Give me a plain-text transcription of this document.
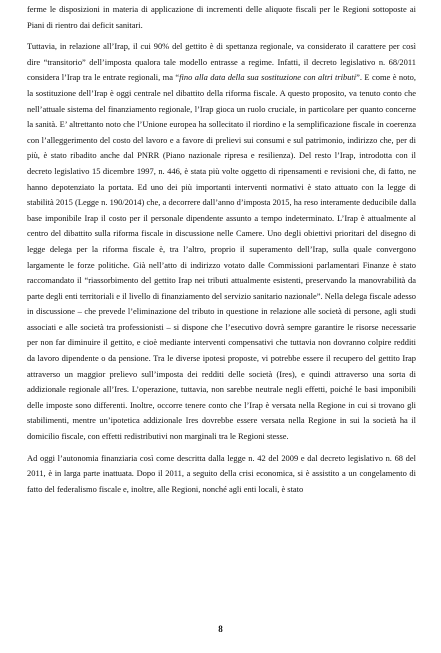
ferme le disposizioni in materia di applicazione di incrementi delle aliquote fiscali per le Regioni sottoposte ai Piani di rientro dai deficit sanitari.

Tuttavia, in relazione all’Irap, il cui 90% del gettito è di spettanza regionale, va considerato il carattere per così dire “transitorio” dell’imposta qualora tale modello entrasse a regime. Infatti, il decreto legislativo n. 68/2011 considera l’Irap tra le entrate regionali, ma “fino alla data della sua sostituzione con altri tributi”. E come è noto, la sostituzione dell’Irap è oggi centrale nel dibattito della riforma fiscale. A questo proposito, va tenuto conto che nell’attuale sistema del finanziamento regionale, l’Irap gioca un ruolo cruciale, in particolare per quanto concerne la sanità. E’ altrettanto noto che l’Unione europea ha sollecitato il riordino e la semplificazione fiscale in coerenza con l’alleggerimento del costo del lavoro e a favore di prelievi sui consumi e sul patrimonio, indirizzo che, per di più, è stato ribadito anche dal PNRR (Piano nazionale ripresa e resilienza). Del resto l’Irap, introdotta con il decreto legislativo 15 dicembre 1997, n. 446, è stata più volte oggetto di ripensamenti e revisioni che, di fatto, ne hanno depotenziato la portata. Ed uno dei più importanti interventi normativi è stato attuato con la legge di stabilità 2015 (Legge n. 190/2014) che, a decorrere dall’anno d’imposta 2015, ha reso interamente deducibile dalla base imponibile Irap il costo per il personale dipendente assunto a tempo indeterminato. L’Irap è attualmente al centro del dibattito sulla riforma fiscale in discussione nelle Camere. Uno degli obiettivi prioritari del disegno di legge delega per la riforma fiscale è, tra l’altro, proprio il superamento dell’Irap, sulla quale convergono largamente le forze politiche. Già nell’atto di indirizzo votato dalle Commissioni parlamentari Finanze è stato raccomandato il “riassorbimento del gettito Irap nei tributi attualmente esistenti, preservando la manovrabilità da parte degli enti territoriali e il livello di finanziamento del servizio sanitario nazionale”. Nella delega fiscale adesso in discussione – che prevede l’eliminazione del tributo in questione in relazione alle società di persone, agli studi associati e alle società tra professionisti – si dispone che l’esecutivo dovrà sempre garantire le risorse necessarie per non far diminuire il gettito, e cioè mediante interventi compensativi che tuttavia non dovranno colpire redditi da lavoro dipendente o da pensione. Tra le diverse ipotesi proposte, vi potrebbe essere il recupero del gettito Irap attraverso un maggior prelievo sull’imposta dei redditi delle società (Ires), e quindi attraverso una sorta di addizionale regionale all’Ires. L’operazione, tuttavia, non sarebbe neutrale negli effetti, poiché le basi imponibili delle imposte sono differenti. Inoltre, occorre tenere conto che l’Irap è versata nella Regione in cui si trovano gli stabilimenti, mentre un’ipotetica addizionale Ires dovrebbe essere versata nella Regione in sui la società ha il domicilio fiscale, con effetti redistributivi non marginali tra le Regioni stesse.

Ad oggi l’autonomia finanziaria così come descritta dalla legge n. 42 del 2009 e dal decreto legislativo n. 68 del 2011, è in larga parte inattuata. Dopo il 2011, a seguito della crisi economica, si è assistito a un congelamento di fatto del federalismo fiscale e, inoltre, alle Regioni, nonché agli enti locali, è stato

8
